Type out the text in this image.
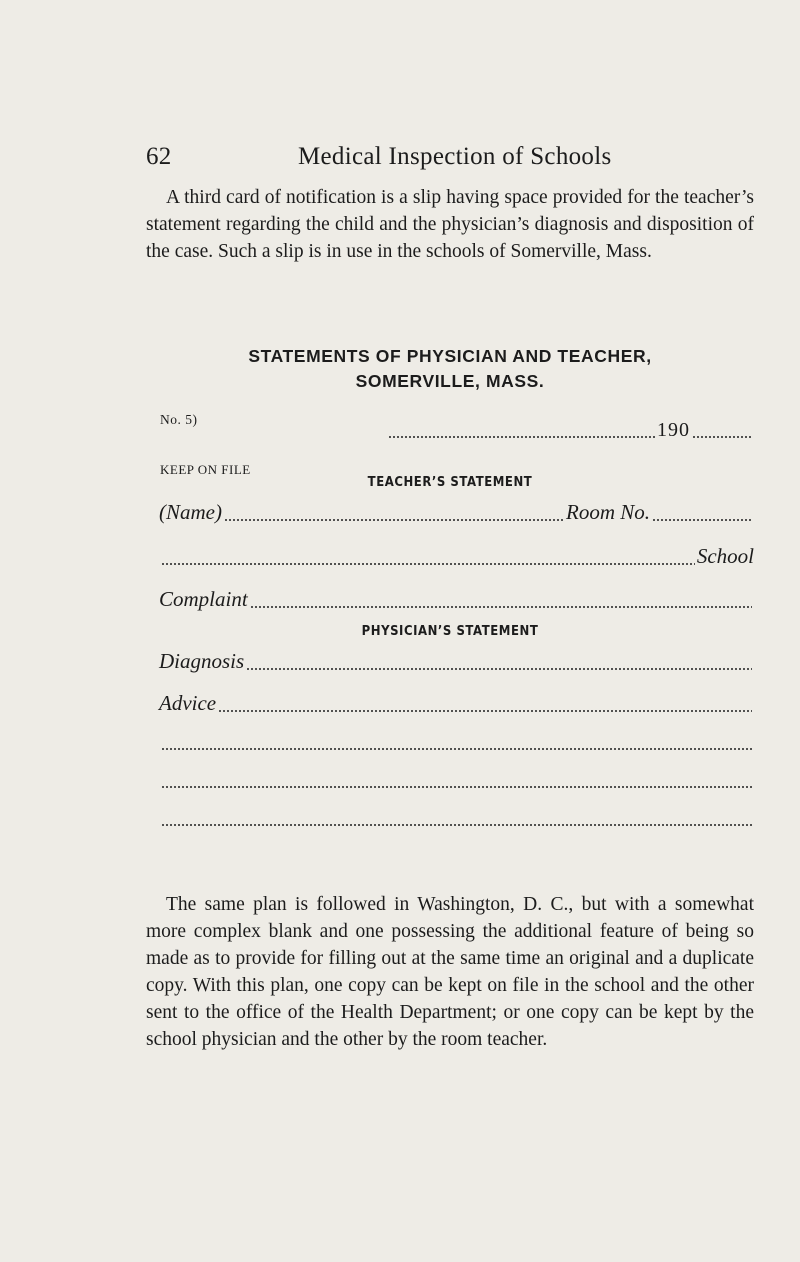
62	Medical Inspection of Schools
A third card of notification is a slip having space provided for the teacher’s statement regarding the child and the physician’s diagnosis and disposition of the case. Such a slip is in use in the schools of Somerville, Mass.
STATEMENTS OF PHYSICIAN AND TEACHER,
SOMERVILLE, MASS.
No. 5)	190
KEEP ON FILE
TEACHER’S STATEMENT
(Name)	Room No.
School
Complaint
PHYSICIAN’S STATEMENT
Diagnosis
Advice
The same plan is followed in Washington, D. C., but with a somewhat more complex blank and one possessing the additional feature of being so made as to provide for filling out at the same time an original and a duplicate copy. With this plan, one copy can be kept on file in the school and the other sent to the office of the Health Department; or one copy can be kept by the school physician and the other by the room teacher.
